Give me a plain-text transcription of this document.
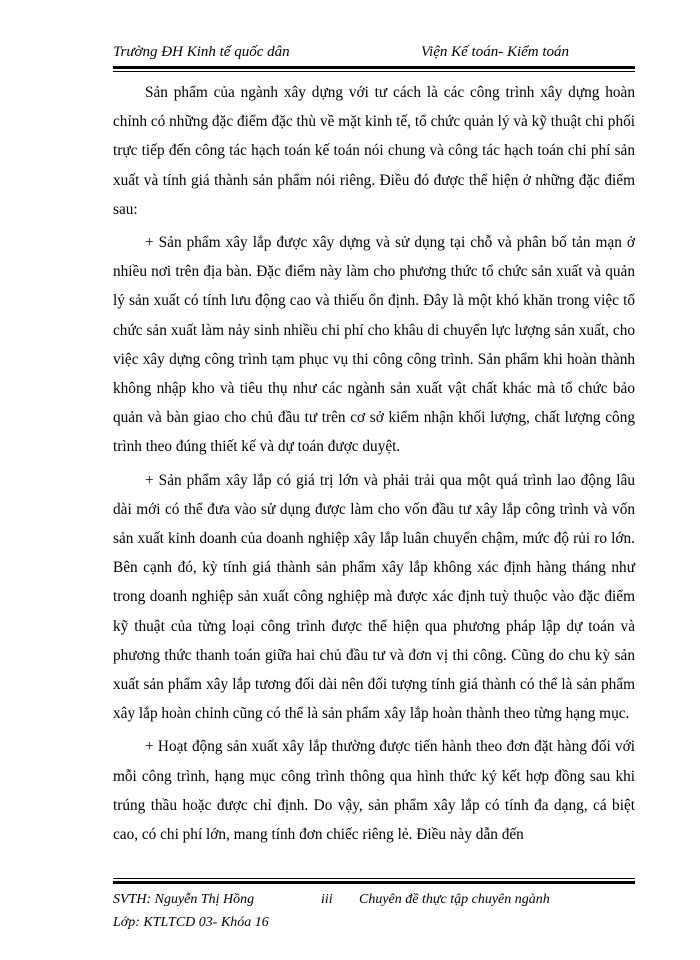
Trường ĐH Kinh tế quốc dân	Viện Kế toán- Kiểm toán

Sản phẩm của ngành xây dựng với tư cách là các công trình xây dựng hoàn chỉnh có những đặc điểm đặc thù về mặt kinh tế, tổ chức quản lý và kỹ thuật chi phối trực tiếp đến công tác hạch toán kế toán nói chung và công tác hạch toán chi phí sản xuất và tính giá thành sản phẩm nói riêng. Điều đó được thể hiện ở những đặc điểm sau:

+ Sản phẩm xây lắp được xây dựng và sử dụng tại chỗ và phân bố tản mạn ở nhiều nơi trên địa bàn. Đặc điểm này làm cho phương thức tổ chức sản xuất và quản lý sản xuất có tính lưu động cao và thiếu ổn định. Đây là một khó khăn trong việc tổ chức sản xuất làm nảy sinh nhiều chi phí cho khâu di chuyển lực lượng sản xuất, cho việc xây dựng công trình tạm phục vụ thi công công trình. Sản phẩm khi hoàn thành không nhập kho và tiêu thụ như các ngành sản xuất vật chất khác mà tổ chức bảo quản và bàn giao cho chủ đầu tư trên cơ sở kiểm nhận khối lượng, chất lượng công trình theo đúng thiết kế và dự toán được duyệt.

+ Sản phẩm xây lắp có giá trị lớn và phải trải qua một quá trình lao động lâu dài mới có thể đưa vào sử dụng được làm cho vốn đầu tư xây lắp công trình và vốn sản xuất kinh doanh của doanh nghiệp xây lắp luân chuyển chậm, mức độ rủi ro lớn. Bên cạnh đó, kỳ tính giá thành sản phẩm xây lắp không xác định hàng tháng như trong doanh nghiệp sản xuất công nghiệp mà được xác định tuỳ thuộc vào đặc điểm kỹ thuật của từng loại công trình được thể hiện qua phương pháp lập dự toán và phương thức thanh toán giữa hai chủ đầu tư và đơn vị thi công. Cũng do chu kỳ sản xuất sản phẩm xây lắp tương đối dài nên đối tượng tính giá thành có thể là sản phẩm xây lắp hoàn chỉnh cũng có thể là sản phẩm xây lắp hoàn thành theo từng hạng mục.

+ Hoạt động sản xuất xây lắp thường được tiến hành theo đơn đặt hàng đối với mỗi công trình, hạng mục công trình thông qua hình thức ký kết hợp đồng sau khi trúng thầu hoặc được chỉ định. Do vậy, sản phẩm xây lắp có tính đa dạng, cá biệt cao, có chi phí lớn, mang tính đơn chiếc riêng lẻ. Điều này dẫn đến

SVTH: Nguyễn Thị Hồng	iii Chuyên đề thực tập chuyên ngành
Lớp: KTLTCD 03- Khóa 16
